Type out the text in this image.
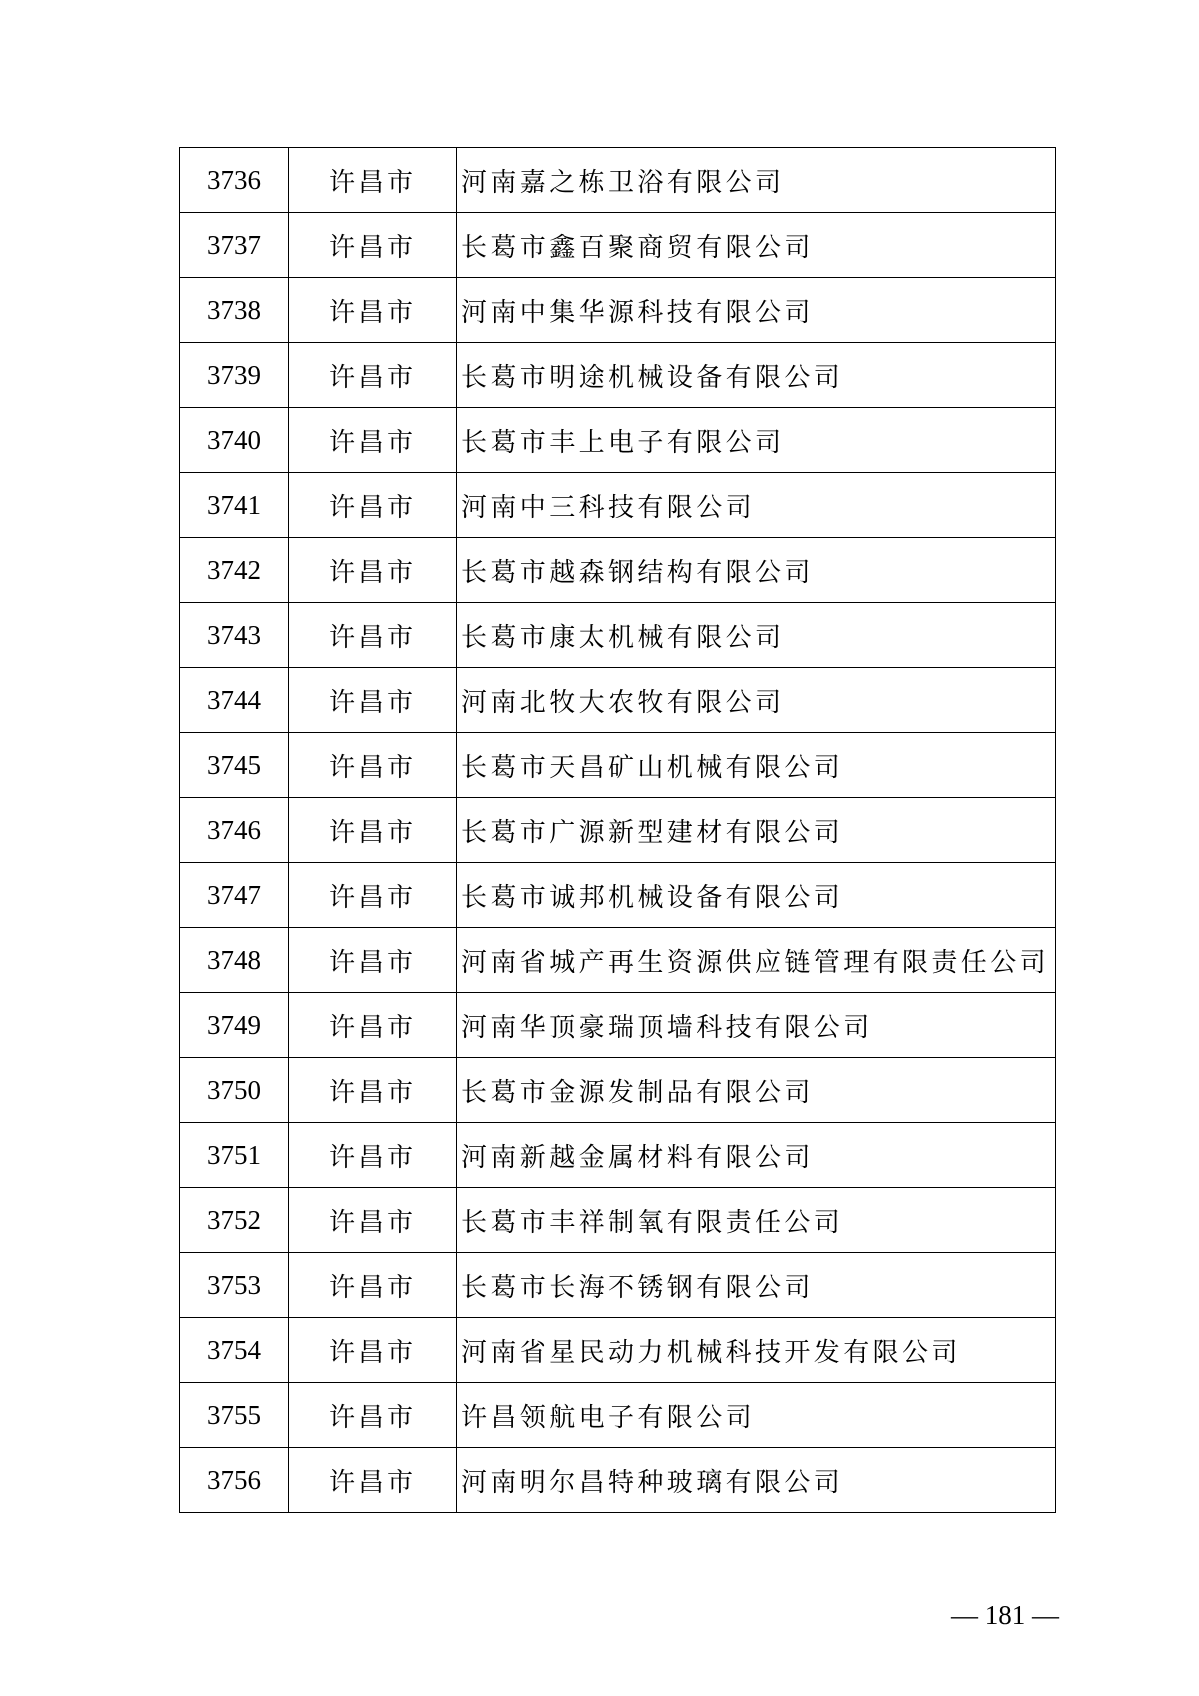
3736	许昌市	河南嘉之栋卫浴有限公司
3737	许昌市	长葛市鑫百聚商贸有限公司
3738	许昌市	河南中集华源科技有限公司
3739	许昌市	长葛市明途机械设备有限公司
3740	许昌市	长葛市丰上电子有限公司
3741	许昌市	河南中三科技有限公司
3742	许昌市	长葛市越森钢结构有限公司
3743	许昌市	长葛市康太机械有限公司
3744	许昌市	河南北牧大农牧有限公司
3745	许昌市	长葛市天昌矿山机械有限公司
3746	许昌市	长葛市广源新型建材有限公司
3747	许昌市	长葛市诚邦机械设备有限公司
3748	许昌市	河南省城产再生资源供应链管理有限责任公司
3749	许昌市	河南华顶豪瑞顶墙科技有限公司
3750	许昌市	长葛市金源发制品有限公司
3751	许昌市	河南新越金属材料有限公司
3752	许昌市	长葛市丰祥制氧有限责任公司
3753	许昌市	长葛市长海不锈钢有限公司
3754	许昌市	河南省星民动力机械科技开发有限公司
3755	许昌市	许昌领航电子有限公司
3756	许昌市	河南明尔昌特种玻璃有限公司
— 181 —
